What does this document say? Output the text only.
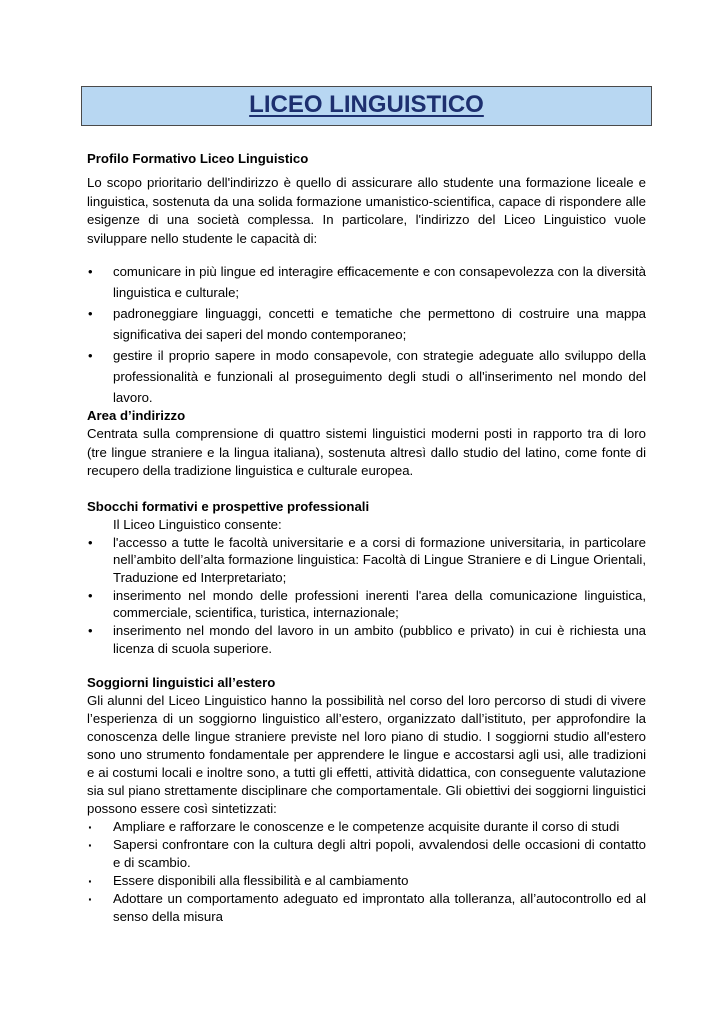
LICEO LINGUISTICO

Profilo Formativo Liceo Linguistico

Lo scopo prioritario dell'indirizzo è quello di assicurare allo studente una formazione liceale e linguistica, sostenuta da una solida formazione umanistico-scientifica, capace di rispondere alle esigenze di una società complessa. In particolare, l'indirizzo del Liceo Linguistico vuole sviluppare nello studente le capacità di:

• comunicare in più lingue ed interagire efficacemente e con consapevolezza con la diversità linguistica e culturale;
• padroneggiare linguaggi, concetti e tematiche che permettono di costruire una mappa significativa dei saperi del mondo contemporaneo;
• gestire il proprio sapere in modo consapevole, con strategie adeguate allo sviluppo della professionalità e funzionali al proseguimento degli studi o all'inserimento nel mondo del lavoro.

Area d’indirizzo

Centrata sulla comprensione di quattro sistemi linguistici moderni posti in rapporto tra di loro (tre lingue straniere e la lingua italiana), sostenuta altresì dallo studio del latino, come fonte di recupero della tradizione linguistica e culturale europea.

Sbocchi formativi e prospettive professionali

Il Liceo Linguistico consente:

• l'accesso a tutte le facoltà universitarie e a corsi di formazione universitaria, in particolare nell’ambito dell’alta formazione linguistica: Facoltà di Lingue Straniere e di Lingue Orientali, Traduzione ed Interpretariato;
• inserimento nel mondo delle professioni inerenti l'area della comunicazione linguistica, commerciale, scientifica, turistica, internazionale;
• inserimento nel mondo del lavoro in un ambito (pubblico e privato) in cui è richiesta una licenza di scuola superiore.

Soggiorni linguistici all’estero

Gli alunni del Liceo Linguistico hanno la possibilità nel corso del loro percorso di studi di vivere l’esperienza di un soggiorno linguistico all’estero, organizzato dall’istituto, per approfondire la conoscenza delle lingue straniere previste nel loro piano di studio. I soggiorni studio all'estero sono uno strumento fondamentale per apprendere le lingue e accostarsi agli usi, alle tradizioni e ai costumi locali e inoltre sono, a tutti gli effetti, attività didattica, con conseguente valutazione sia sul piano strettamente disciplinare che comportamentale. Gli obiettivi dei soggiorni linguistici possono essere così sintetizzati:

· Ampliare e rafforzare le conoscenze e le competenze acquisite durante il corso di studi
· Sapersi confrontare con la cultura degli altri popoli, avvalendosi delle occasioni di contatto e di scambio.
· Essere disponibili alla flessibilità e al cambiamento
· Adottare un comportamento adeguato ed improntato alla tolleranza, all’autocontrollo ed al senso della misura
